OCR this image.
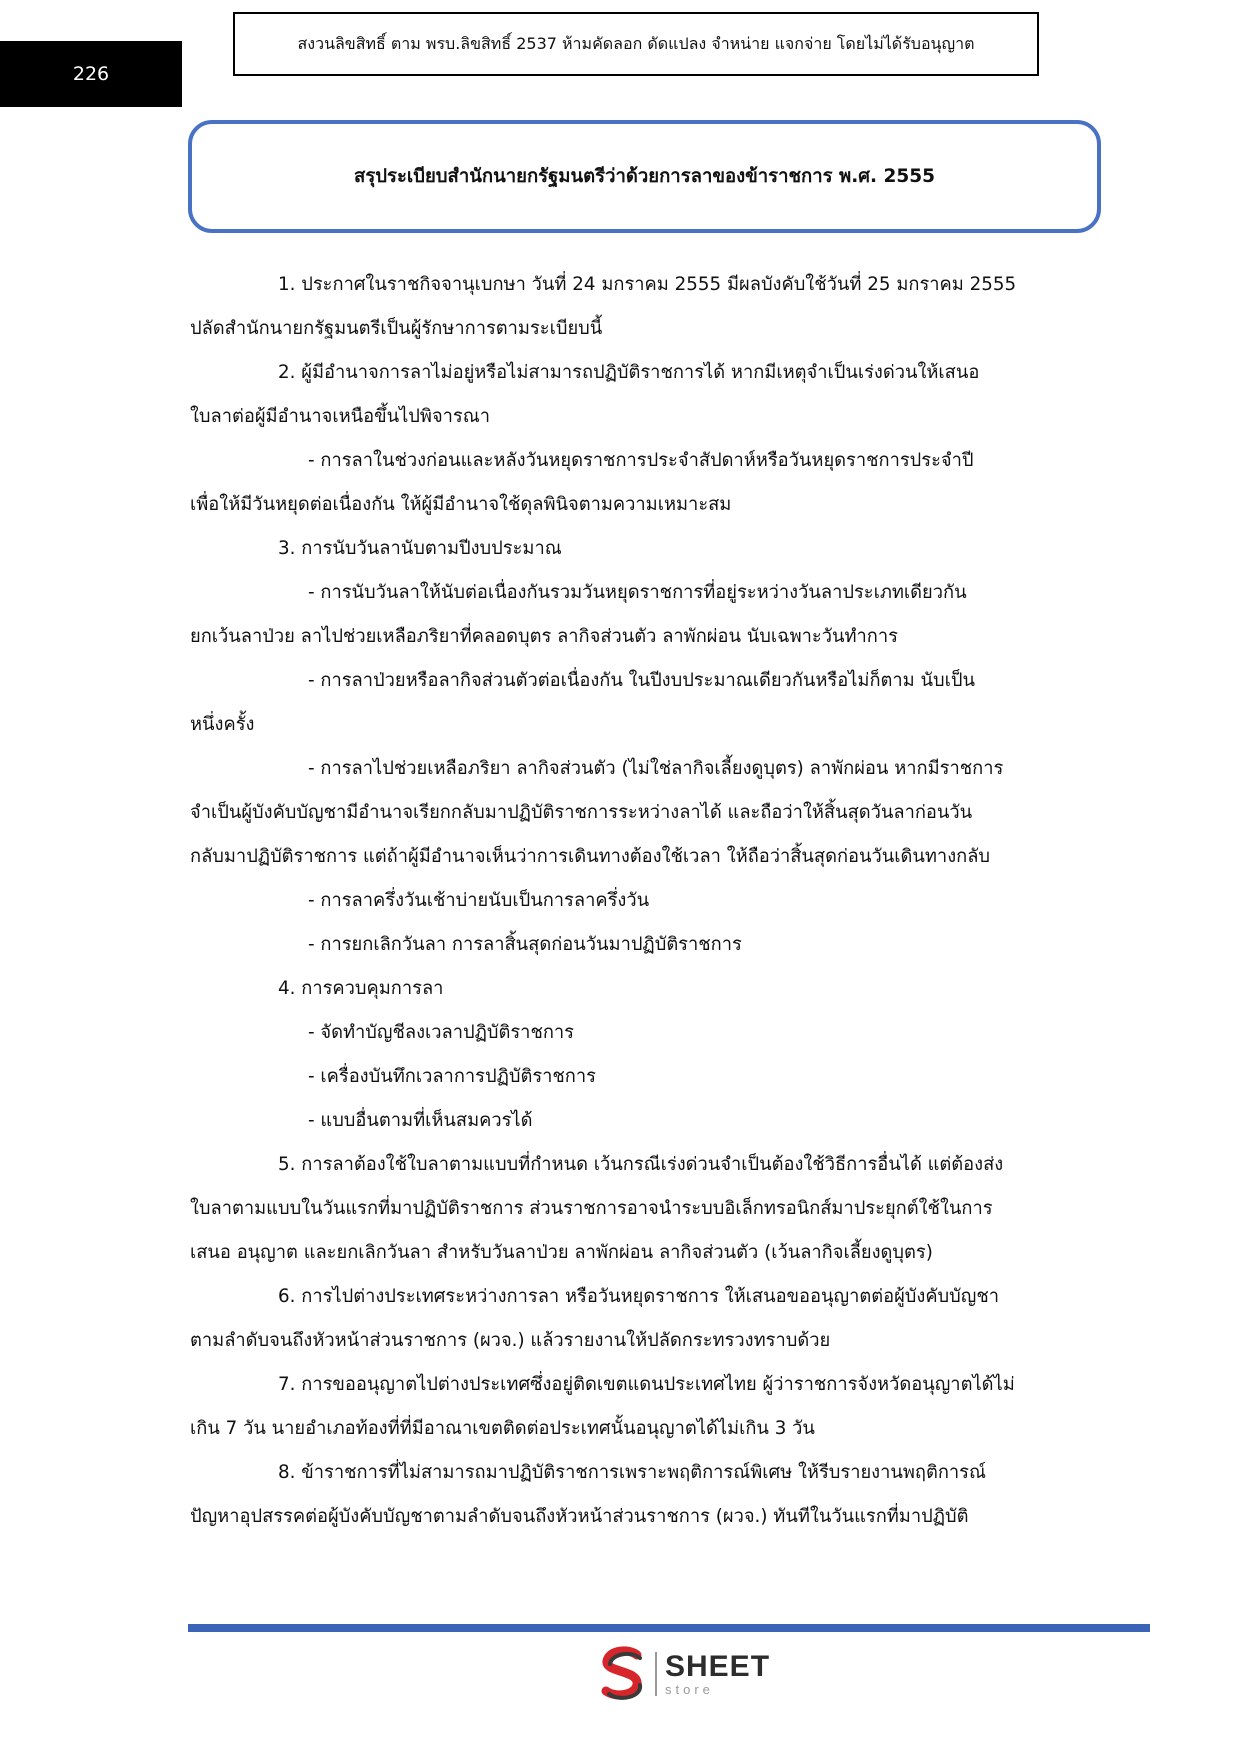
226
สงวนลิขสิทธิ์ ตาม พรบ.ลิขสิทธิ์ 2537 ห้ามคัดลอก ดัดแปลง จำหน่าย แจกจ่าย โดยไม่ได้รับอนุญาต
สรุประเบียบสำนักนายกรัฐมนตรีว่าด้วยการลาของข้าราชการ พ.ศ. 2555
1. ประกาศในราชกิจจานุเบกษา วันที่ 24 มกราคม 2555 มีผลบังคับใช้วันที่ 25 มกราคม 2555
ปลัดสำนักนายกรัฐมนตรีเป็นผู้รักษาการตามระเบียบนี้
2. ผู้มีอำนาจการลาไม่อยู่หรือไม่สามารถปฏิบัติราชการได้ หากมีเหตุจำเป็นเร่งด่วนให้เสนอ
ใบลาต่อผู้มีอำนาจเหนือขึ้นไปพิจารณา
- การลาในช่วงก่อนและหลังวันหยุดราชการประจำสัปดาห์หรือวันหยุดราชการประจำปี
เพื่อให้มีวันหยุดต่อเนื่องกัน ให้ผู้มีอำนาจใช้ดุลพินิจตามความเหมาะสม
3. การนับวันลานับตามปีงบประมาณ
- การนับวันลาให้นับต่อเนื่องกันรวมวันหยุดราชการที่อยู่ระหว่างวันลาประเภทเดียวกัน
ยกเว้นลาป่วย ลาไปช่วยเหลือภริยาที่คลอดบุตร ลากิจส่วนตัว ลาพักผ่อน นับเฉพาะวันทำการ
- การลาป่วยหรือลากิจส่วนตัวต่อเนื่องกัน ในปีงบประมาณเดียวกันหรือไม่ก็ตาม นับเป็น
หนึ่งครั้ง
- การลาไปช่วยเหลือภริยา ลากิจส่วนตัว (ไม่ใช่ลากิจเลี้ยงดูบุตร) ลาพักผ่อน หากมีราชการ
จำเป็นผู้บังคับบัญชามีอำนาจเรียกกลับมาปฏิบัติราชการระหว่างลาได้ และถือว่าให้สิ้นสุดวันลาก่อนวัน
กลับมาปฏิบัติราชการ แต่ถ้าผู้มีอำนาจเห็นว่าการเดินทางต้องใช้เวลา ให้ถือว่าสิ้นสุดก่อนวันเดินทางกลับ
- การลาครึ่งวันเช้าบ่ายนับเป็นการลาครึ่งวัน
- การยกเลิกวันลา การลาสิ้นสุดก่อนวันมาปฏิบัติราชการ
4. การควบคุมการลา
- จัดทำบัญชีลงเวลาปฏิบัติราชการ
- เครื่องบันทึกเวลาการปฏิบัติราชการ
- แบบอื่นตามที่เห็นสมควรได้
5. การลาต้องใช้ใบลาตามแบบที่กำหนด เว้นกรณีเร่งด่วนจำเป็นต้องใช้วิธีการอื่นได้ แต่ต้องส่ง
ใบลาตามแบบในวันแรกที่มาปฏิบัติราชการ ส่วนราชการอาจนำระบบอิเล็กทรอนิกส์มาประยุกต์ใช้ในการ
เสนอ อนุญาต และยกเลิกวันลา สำหรับวันลาป่วย ลาพักผ่อน ลากิจส่วนตัว (เว้นลากิจเลี้ยงดูบุตร)
6. การไปต่างประเทศระหว่างการลา หรือวันหยุดราชการ ให้เสนอขออนุญาตต่อผู้บังคับบัญชา
ตามลำดับจนถึงหัวหน้าส่วนราชการ (ผวจ.) แล้วรายงานให้ปลัดกระทรวงทราบด้วย
7. การขออนุญาตไปต่างประเทศซึ่งอยู่ติดเขตแดนประเทศไทย ผู้ว่าราชการจังหวัดอนุญาตได้ไม่
เกิน 7 วัน นายอำเภอท้องที่ที่มีอาณาเขตติดต่อประเทศนั้นอนุญาตได้ไม่เกิน 3 วัน
8. ข้าราชการที่ไม่สามารถมาปฏิบัติราชการเพราะพฤติการณ์พิเศษ ให้รีบรายงานพฤติการณ์
ปัญหาอุปสรรคต่อผู้บังคับบัญชาตามลำดับจนถึงหัวหน้าส่วนราชการ (ผวจ.) ทันทีในวันแรกที่มาปฏิบัติ
SHEET
store
